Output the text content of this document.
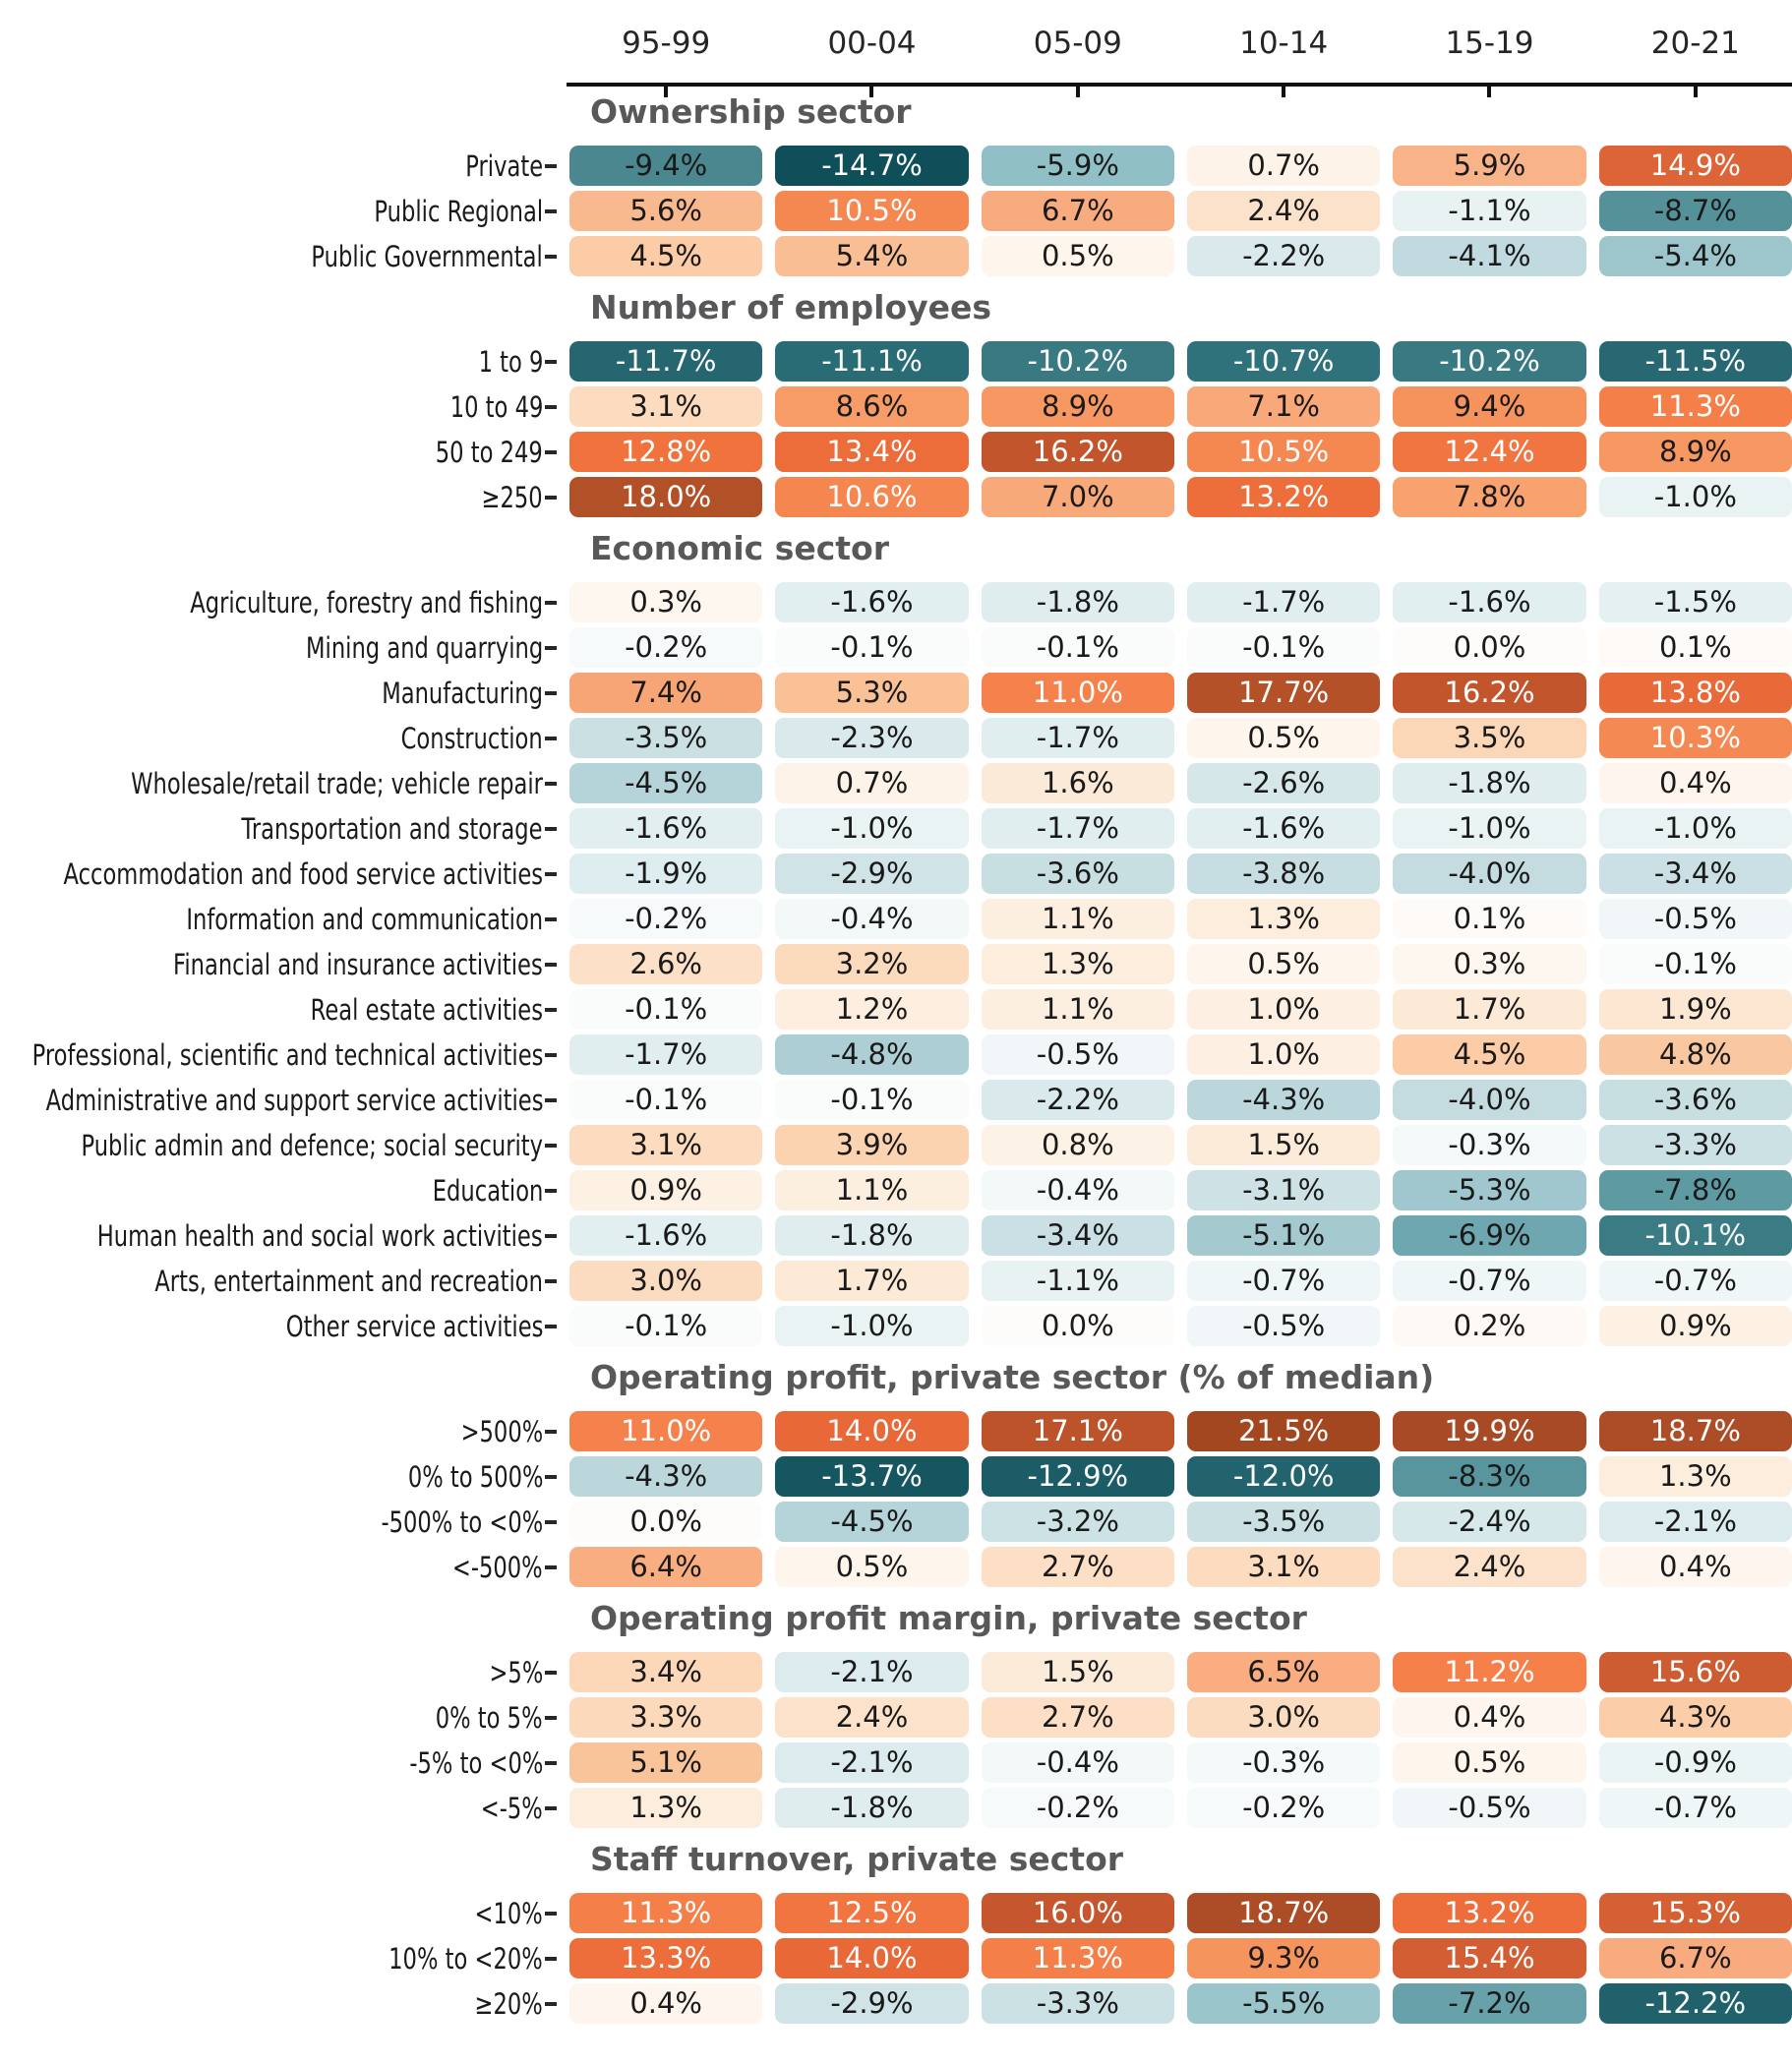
95-99	00-04	05-09	10-14	15-19	20-21
Ownership sector
Private	-9.4%	-14.7%	-5.9%	0.7%	5.9%	14.9%
Public Regional	5.6%	10.5%	6.7%	2.4%	-1.1%	-8.7%
Public Governmental	4.5%	5.4%	0.5%	-2.2%	-4.1%	-5.4%
Number of employees
1 to 9	-11.7%	-11.1%	-10.2%	-10.7%	-10.2%	-11.5%
10 to 49	3.1%	8.6%	8.9%	7.1%	9.4%	11.3%
50 to 249	12.8%	13.4%	16.2%	10.5%	12.4%	8.9%
≥250	18.0%	10.6%	7.0%	13.2%	7.8%	-1.0%
Economic sector
Agriculture, forestry and fishing	0.3%	-1.6%	-1.8%	-1.7%	-1.6%	-1.5%
Mining and quarrying	-0.2%	-0.1%	-0.1%	-0.1%	0.0%	0.1%
Manufacturing	7.4%	5.3%	11.0%	17.7%	16.2%	13.8%
Construction	-3.5%	-2.3%	-1.7%	0.5%	3.5%	10.3%
Wholesale/retail trade; vehicle repair	-4.5%	0.7%	1.6%	-2.6%	-1.8%	0.4%
Transportation and storage	-1.6%	-1.0%	-1.7%	-1.6%	-1.0%	-1.0%
Accommodation and food service activities	-1.9%	-2.9%	-3.6%	-3.8%	-4.0%	-3.4%
Information and communication	-0.2%	-0.4%	1.1%	1.3%	0.1%	-0.5%
Financial and insurance activities	2.6%	3.2%	1.3%	0.5%	0.3%	-0.1%
Real estate activities	-0.1%	1.2%	1.1%	1.0%	1.7%	1.9%
Professional, scientific and technical activities	-1.7%	-4.8%	-0.5%	1.0%	4.5%	4.8%
Administrative and support service activities	-0.1%	-0.1%	-2.2%	-4.3%	-4.0%	-3.6%
Public admin and defence; social security	3.1%	3.9%	0.8%	1.5%	-0.3%	-3.3%
Education	0.9%	1.1%	-0.4%	-3.1%	-5.3%	-7.8%
Human health and social work activities	-1.6%	-1.8%	-3.4%	-5.1%	-6.9%	-10.1%
Arts, entertainment and recreation	3.0%	1.7%	-1.1%	-0.7%	-0.7%	-0.7%
Other service activities	-0.1%	-1.0%	0.0%	-0.5%	0.2%	0.9%
Operating profit, private sector (% of median)
>500%	11.0%	14.0%	17.1%	21.5%	19.9%	18.7%
0% to 500%	-4.3%	-13.7%	-12.9%	-12.0%	-8.3%	1.3%
-500% to <0%	0.0%	-4.5%	-3.2%	-3.5%	-2.4%	-2.1%
<-500%	6.4%	0.5%	2.7%	3.1%	2.4%	0.4%
Operating profit margin, private sector
>5%	3.4%	-2.1%	1.5%	6.5%	11.2%	15.6%
0% to 5%	3.3%	2.4%	2.7%	3.0%	0.4%	4.3%
-5% to <0%	5.1%	-2.1%	-0.4%	-0.3%	0.5%	-0.9%
<-5%	1.3%	-1.8%	-0.2%	-0.2%	-0.5%	-0.7%
Staff turnover, private sector
<10%	11.3%	12.5%	16.0%	18.7%	13.2%	15.3%
10% to <20%	13.3%	14.0%	11.3%	9.3%	15.4%	6.7%
≥20%	0.4%	-2.9%	-3.3%	-5.5%	-7.2%	-12.2%
